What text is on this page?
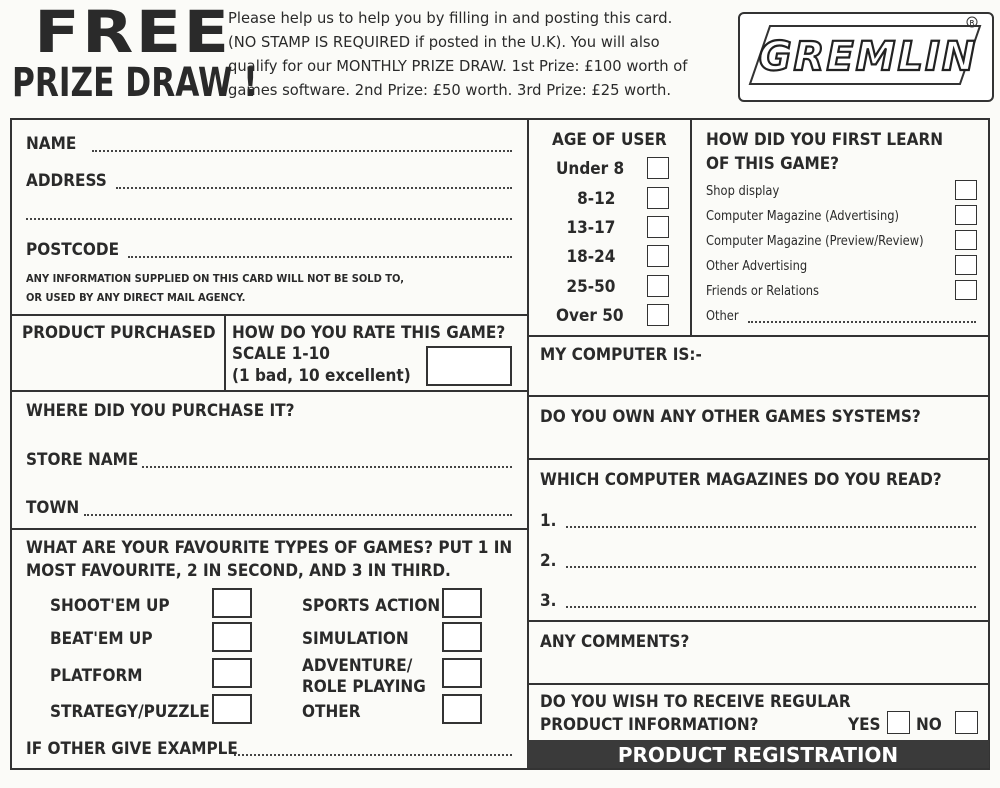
FREE
PRIZE DRAW !
Please help us to help you by filling in and posting this card. (NO STAMP IS REQUIRED if posted in the U.K). You will also qualify for our MONTHLY PRIZE DRAW. 1st Prize: £100 worth of games software. 2nd Prize: £50 worth. 3rd Prize: £25 worth.
GREMLIN
R
NAME
ADDRESS
POSTCODE
ANY INFORMATION SUPPLIED ON THIS CARD WILL NOT BE SOLD TO,
OR USED BY ANY DIRECT MAIL AGENCY.
AGE OF USER
Under 8
8-12
13-17
18-24
25-50
Over 50
HOW DID YOU FIRST LEARN
OF THIS GAME?
Shop display
Computer Magazine (Advertising)
Computer Magazine (Preview/Review)
Other Advertising
Friends or Relations
Other
PRODUCT PURCHASED HOW DO YOU RATE THIS GAME?
SCALE 1-10
(1 bad, 10 excellent)
MY COMPUTER IS:-
WHERE DID YOU PURCHASE IT?
STORE NAME
TOWN
DO YOU OWN ANY OTHER GAMES SYSTEMS?
WHICH COMPUTER MAGAZINES DO YOU READ?
1.
2.
3.
WHAT ARE YOUR FAVOURITE TYPES OF GAMES? PUT 1 IN
MOST FAVOURITE, 2 IN SECOND, AND 3 IN THIRD.
SHOOT'EM UP
BEAT'EM UP
PLATFORM
STRATEGY/PUZZLE
SPORTS ACTION
SIMULATION
ADVENTURE/
ROLE PLAYING
OTHER
IF OTHER GIVE EXAMPLE
ANY COMMENTS?
DO YOU WISH TO RECEIVE REGULAR
PRODUCT INFORMATION?	YES NO
PRODUCT REGISTRATION
